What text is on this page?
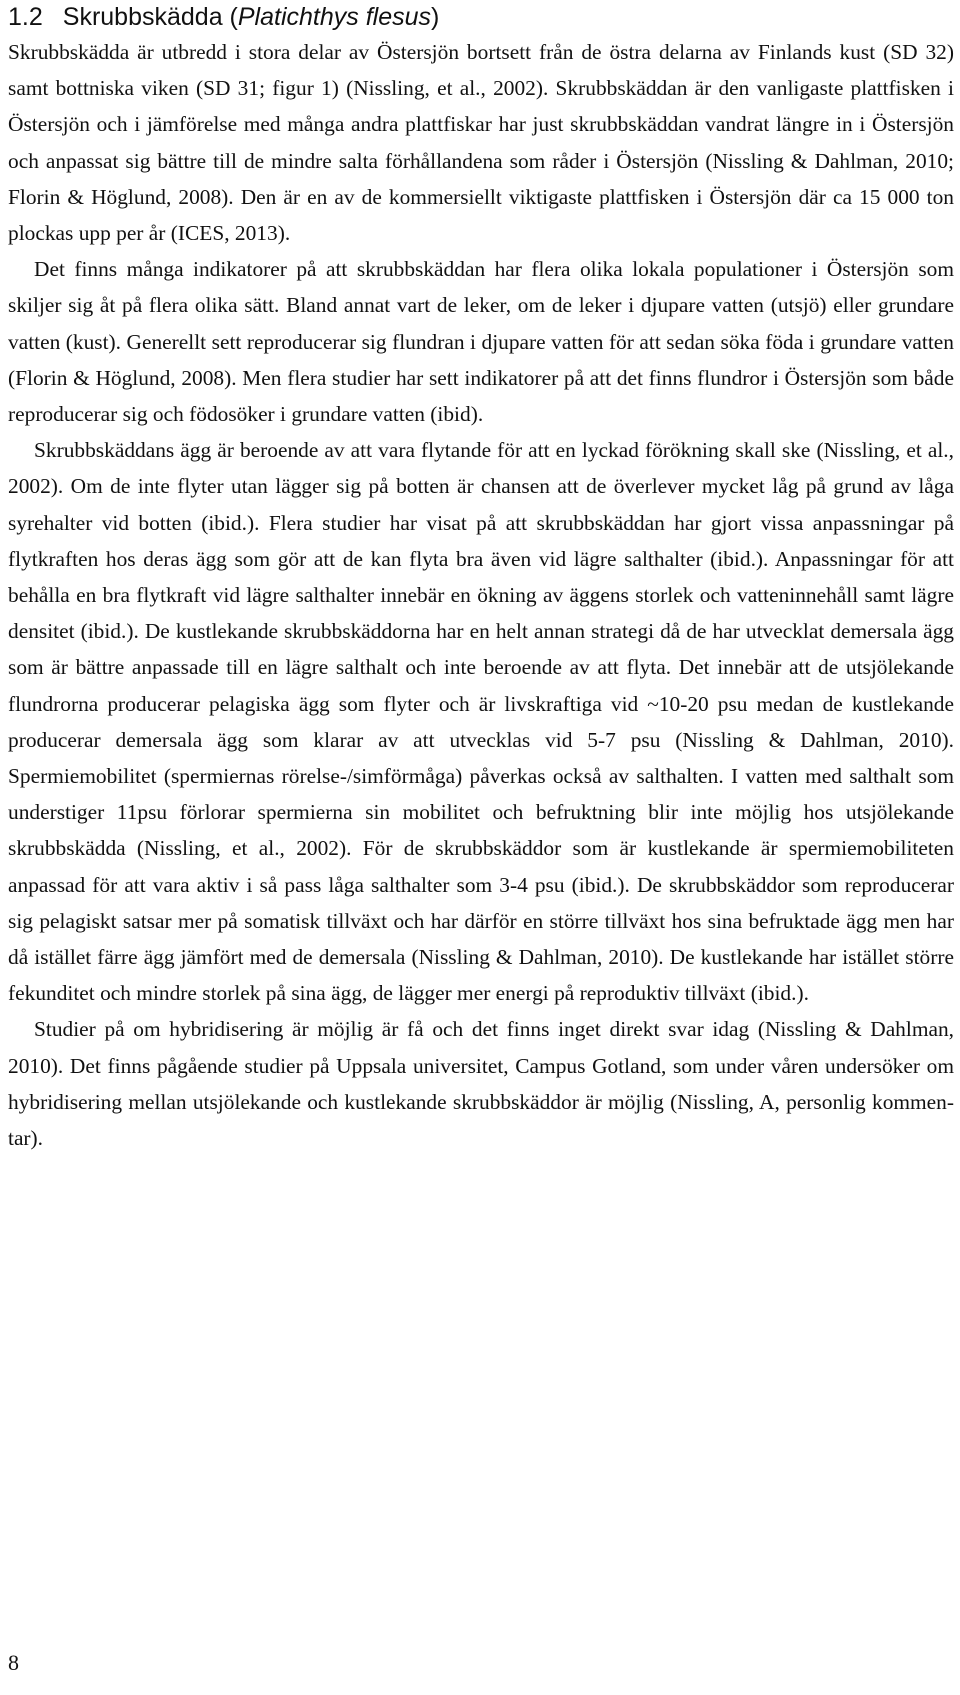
1.2 Skrubbskädda (Platichthys flesus)

Skrubbskädda är utbredd i stora delar av Östersjön bortsett från de östra delarna av Finlands kust (SD 32) samt bottniska viken (SD 31; figur 1) (Nissling, et al., 2002). Skrubbskäddan är den vanligaste plattfisken i Östersjön och i jämförelse med många andra plattfiskar har just skrubbskäddan vandrat längre in i Östersjön och anpassat sig bättre till de mindre salta förhållandena som råder i Östersjön (Nissling & Dahlman, 2010; Florin & Höglund, 2008). Den är en av de kommersiellt viktigaste plattfisken i Östersjön där ca 15 000 ton plockas upp per år (ICES, 2013).

Det finns många indikatorer på att skrubbskäddan har flera olika lokala populationer i Östersjön som skiljer sig åt på flera olika sätt. Bland annat vart de leker, om de leker i djupare vatten (utsjö) eller grundare vatten (kust). Generellt sett reproducerar sig flundran i djupare vatten för att sedan söka föda i grundare vatten (Florin & Höglund, 2008). Men flera studier har sett indikatorer på att det finns flundror i Östersjön som både reproducerar sig och födosöker i grundare vatten (ibid).

Skrubbskäddans ägg är beroende av att vara flytande för att en lyckad förökning skall ske (Nissling, et al., 2002). Om de inte flyter utan lägger sig på botten är chansen att de överlever mycket låg på grund av låga syrehalter vid botten (ibid.). Flera studier har visat på att skrubbskäddan har gjort vissa anpassningar på flytkraften hos deras ägg som gör att de kan flyta bra även vid lägre salthalter (ibid.). Anpassningar för att behålla en bra flytkraft vid lägre salthalter innebär en ökning av äggens storlek och vatteninnehåll samt lägre densitet (ibid.). De kustlekande skrubbskäddorna har en helt annan strategi då de har utvecklat demersala ägg som är bättre anpassade till en lägre salthalt och inte beroende av att flyta. Det innebär att de utsjölekande flundrorna producerar pelagiska ägg som flyter och är livskraftiga vid ~10-20 psu medan de kustlekande producerar demersala ägg som klarar av att utvecklas vid 5-7 psu (Nissling & Dahlman, 2010). Spermiemobilitet (spermiernas rörelse-/simförmåga) påverkas också av salthalten. I vatten med salthalt som understiger 11psu förlorar spermierna sin mobilitet och befruktning blir inte möjlig hos utsjölekande skrubbskädda (Nissling, et al., 2002). För de skrubbskäddor som är kustlekande är spermiemobiliteten anpassad för att vara aktiv i så pass låga salthalter som 3-4 psu (ibid.). De skrubbskäddor som reproducerar sig pelagiskt satsar mer på somatisk tillväxt och har därför en större tillväxt hos sina befruktade ägg men har då istället färre ägg jämfört med de demersala (Nissling & Dahlman, 2010). De kustlekande har istället större fekunditet och mindre storlek på sina ägg, de lägger mer energi på reproduktiv tillväxt (ibid.).

Studier på om hybridisering är möjlig är få och det finns inget direkt svar idag (Nissling & Dahlman, 2010). Det finns pågående studier på Uppsala universitet, Campus Gotland, som under våren undersöker om hybridisering mellan utsjölekande och kustlekande skrubbskäddor är möjlig (Nissling, A, personlig kommentar).

8
